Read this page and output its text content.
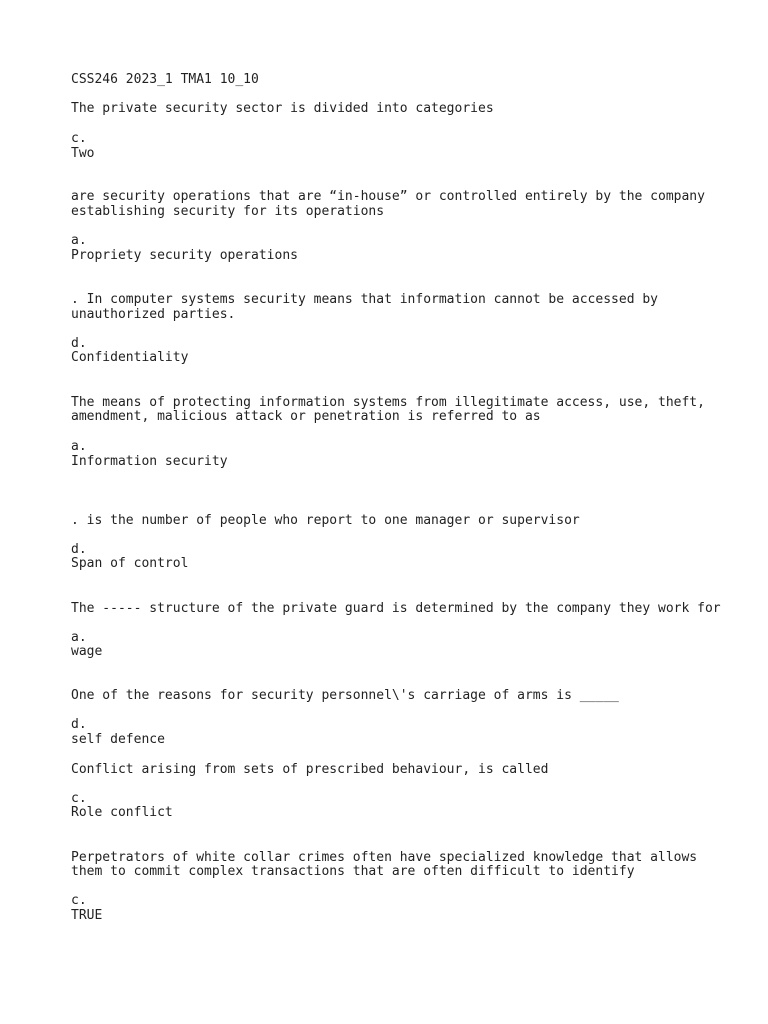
CSS246 2023_1 TMA1 10_10

The private security sector is divided into categories

c.

Two

are security operations that are “in-house” or controlled entirely by the company

establishing security for its operations

a.

Propriety security operations

. In computer systems security means that information cannot be accessed by

unauthorized parties.

d.

Confidentiality

The means of protecting information systems from illegitimate access, use, theft,

amendment, malicious attack or penetration is referred to as

a.

Information security

. is the number of people who report to one manager or supervisor

d.

Span of control

The ----- structure of the private guard is determined by the company they work for

a.

wage

One of the reasons for security personnel\'s carriage of arms is _____

d.

self defence

Conflict arising from sets of prescribed behaviour, is called

c.

Role conflict

Perpetrators of white collar crimes often have specialized knowledge that allows

them to commit complex transactions that are often difficult to identify

c.

TRUE
